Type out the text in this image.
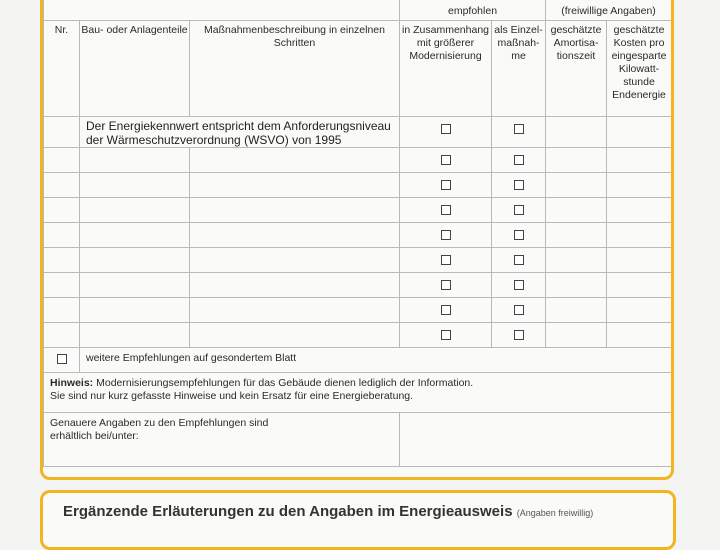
			empfohlen		(freiwillige Angaben)	
Nr.	Bau- oder Anlagenteile	Maßnahmenbeschreibung in einzelnen Schritten	in Zusammenhang mit größerer Modernisierung	als Einzel-maßnah-me	geschätzte Amortisa-tionszeit	geschätzte Kosten pro eingesparte Kilowatt-stunde Endenergie
	Der Energiekennwert entspricht dem Anforderungsniveau der Wärmeschutzverordnung (WSVO) von 1995					

	weitere Empfehlungen auf gesondertem Blatt					
Hinweis: Modernisierungsempfehlungen für das Gebäude dienen lediglich der Information.
Sie sind nur kurz gefasste Hinweise und kein Ersatz für eine Energieberatung.						
Genauere Angaben zu den Empfehlungen sind erhältlich bei/unter:						
Ergänzende Erläuterungen zu den Angaben im Energieausweis (Angaben freiwillig)
